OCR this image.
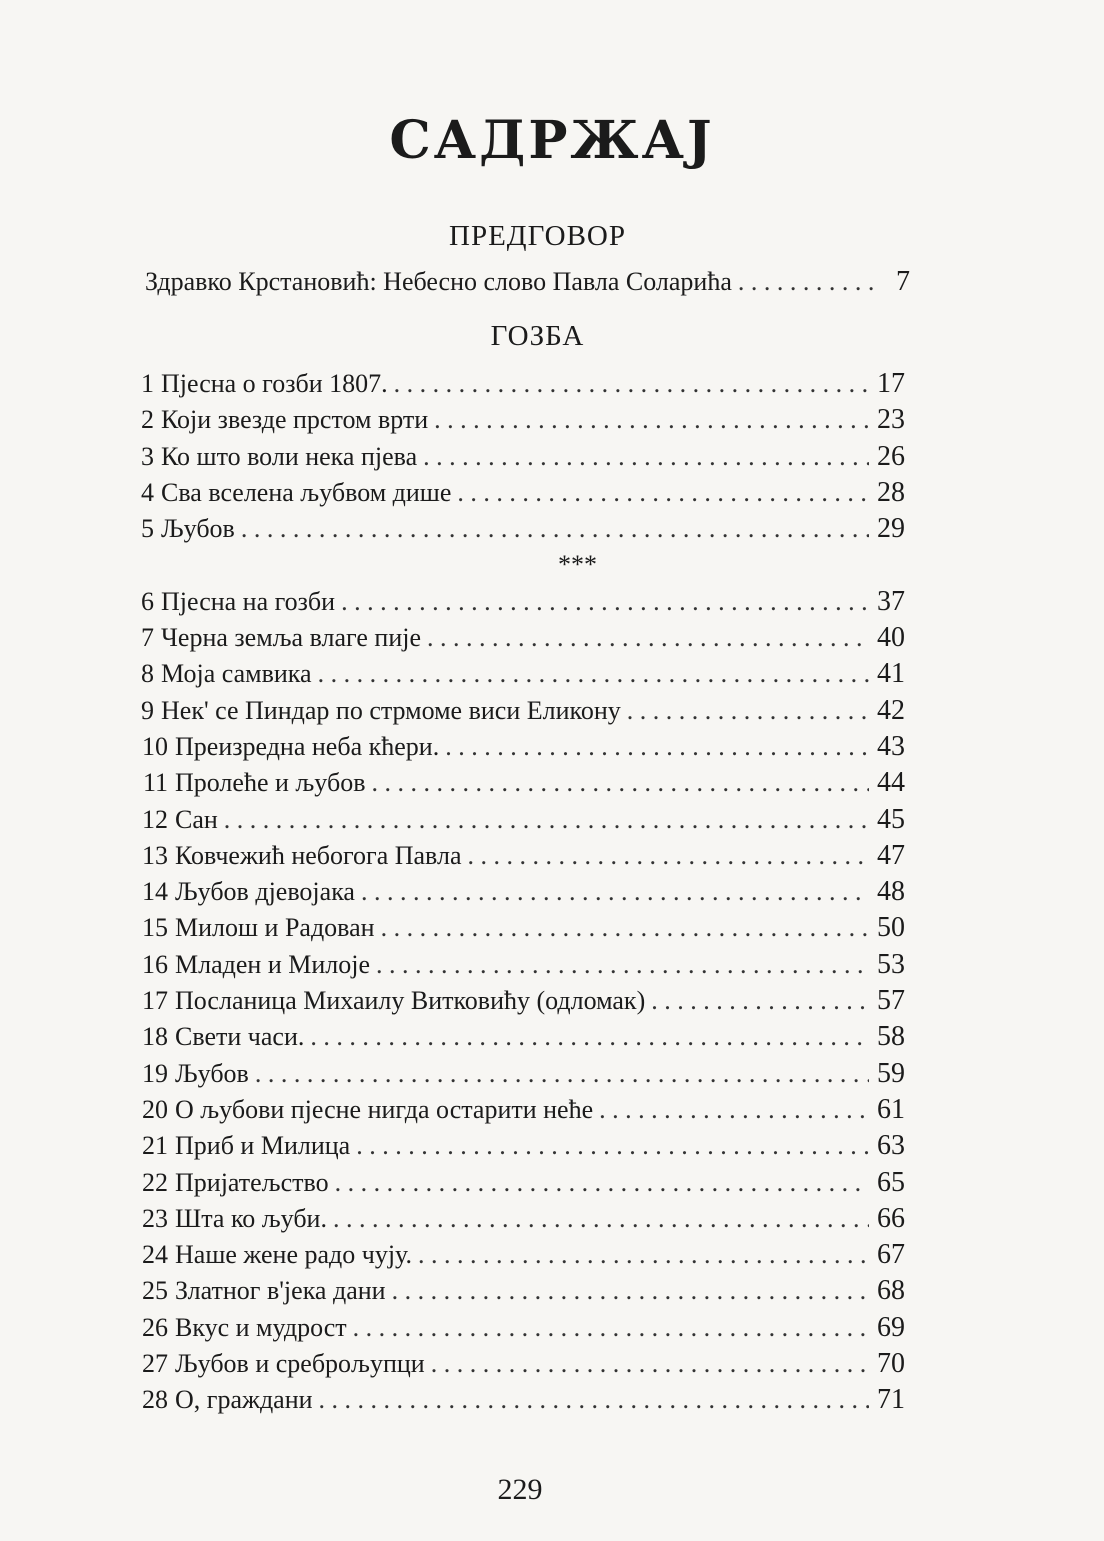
САДРЖАЈ
ПРЕДГОВОР
Здравко Крстановић: Небесно слово Павла Соларића . . .	7
ГОЗБА
1 Пјесна о гозби 1807. . . .	17
2 Који звезде прстом врти . . .	23
3 Ко што воли нека пјева . . .	26
4 Сва вселена љубвом дише . . .	28
5 Љубов . . .	29
***
6 Пјесна на гозби . . .	37
7 Черна земља влаге пије . . .	40
8 Моја самвика . . .	41
9 Нек' се Пиндар по стрмоме виси Еликону . . .	42
10 Преизредна неба кћери. . . .	43
11 Пролеће и љубов . . .	44
12 Сан . . .	45
13 Ковчежић небогога Павла . . .	47
14 Љубов дјевојака . . .	48
15 Милош и Радован . . .	50
16 Младен и Милоје . . .	53
17 Посланица Михаилу Витковићу (одломак) . . .	57
18 Свети часи. . . .	58
19 Љубов . . .	59
20 О љубови пјесне нигда остарити неће . . .	61
21 Приб и Милица . . .	63
22 Пријатељство . . .	65
23 Шта ко љуби. . . .	66
24 Наше жене радо чују. . . .	67
25 Златног в'јека дани . . .	68
26 Вкус и мудрост . . .	69
27 Љубов и среброљупци . . .	70
28 О, граждани . . .	71
229
